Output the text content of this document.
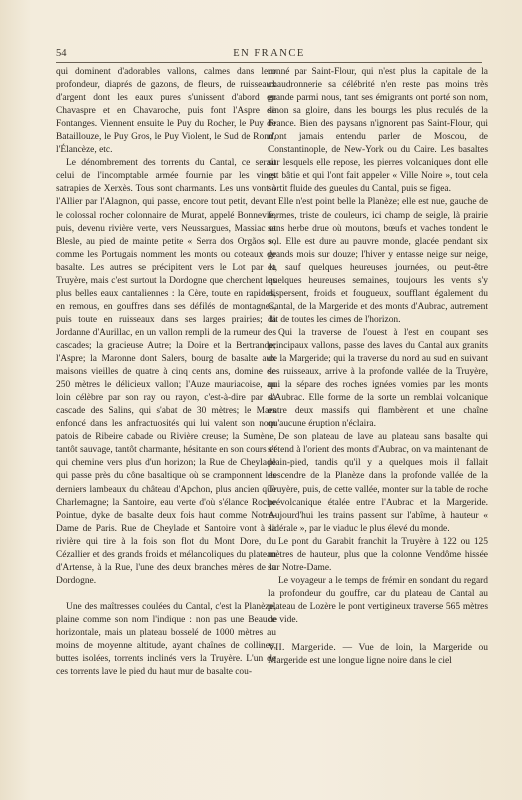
54	EN FRANCE

qui dominent d'adorables vallons, calmes dans leur profondeur, diaprés de gazons, de fleurs, de ruisseaux d'argent dont les eaux pures s'unissent d'abord en Chavaspre et en Chavaroche, puis font l'Aspre de Fontanges. Viennent ensuite le Puy du Rocher, le Puy de Bataillouze, le Puy Gros, le Puy Violent, le Sud de Rond, l'Élancèze, etc.

Le dénombrement des torrents du Cantal, ce serait celui de l'incomptable armée fournie par les vingt satrapies de Xerxès. Tous sont charmants. Les uns vont à l'Allier par l'Alagnon, qui passe, encore tout petit, devant le colossal rocher colonnaire de Murat, appelé Bonnevie, puis, devenu rivière verte, vers Neussargues, Massiac et Blesle, au pied de mainte petite « Serra dos Orgãos », comme les Portugais nomment les monts ou coteaux de basalte. Les autres se précipitent vers le Lot par la Truyère, mais c'est surtout la Dordogne que cherchent les plus belles eaux cantaliennes : la Cère, toute en rapides, en remous, en gouffres dans ses défilés de montagnes, puis toute en ruisseaux dans ses larges prairies; la Jordanne d'Aurillac, en un vallon rempli de la rumeur des cascades; la gracieuse Autre; la Doire et la Bertrande; l'Aspre; la Maronne dont Salers, bourg de basalte aux maisons vieilles de quatre à cinq cents ans, domine de 250 mètres le délicieux vallon; l'Auze mauriacoise, au loin célèbre par son ray ou rayon, c'est-à-dire par sa cascade des Salins, qui s'abat de 30 mètres; le Mars enfoncé dans les anfractuosités qui lui valent son nom patois de Ribeire cabade ou Rivière creuse; la Sumène, tantôt sauvage, tantôt charmante, hésitante en son cours et qui chemine vers plus d'un horizon; la Rue de Cheylade qui passe près du cône basaltique où se cramponnent les derniers lambeaux du château d'Apchon, plus ancien que Charlemagne; la Santoire, eau verte d'où s'élance Roche Pointue, dyke de basalte deux fois haut comme Notre-Dame de Paris. Rue de Cheylade et Santoire vont à la rivière qui tire à la fois son flot du Mont Dore, du Cézallier et des grands froids et mélancoliques du plateau d'Artense, à la Rue, l'une des deux branches mères de la Dordogne.

Une des maîtresses coulées du Cantal, c'est la Planèze, plaine comme son nom l'indique : non pas une Beauce horizontale, mais un plateau bosselé de 1000 mètres au moins de moyenne altitude, ayant chaînes de collines, buttes isolées, torrents inclinés vers la Truyère. L'un de ces torrents lave le pied du haut mur de basalte cou-

ronné par Saint-Flour, qui n'est plus la capitale de la chaudronnerie sa célébrité n'en reste pas moins très grande parmi nous, tant ses émigrants ont porté son nom, sinon sa gloire, dans les bourgs les plus reculés de la France. Bien des paysans n'ignorent pas Saint-Flour, qui n'ont jamais entendu parler de Moscou, de Constantinople, de New-York ou du Caire. Les basaltes sur lesquels elle repose, les pierres volcaniques dont elle est bâtie et qui l'ont fait appeler « Ville Noire », tout cela sortit fluide des gueules du Cantal, puis se figea.

Elle n'est point belle la Planèze; elle est nue, gauche de formes, triste de couleurs, ici champ de seigle, là prairie sans herbe drue où moutons, bœufs et vaches tondent le sol. Elle est dure au pauvre monde, glacée pendant six grands mois sur douze; l'hiver y entasse neige sur neige, et, sauf quelques heureuses journées, ou peut-être quelques heureuses semaines, toujours les vents s'y dispersent, froids et fougueux, soufflant également du Cantal, de la Margeride et des monts d'Aubrac, autrement dit de toutes les cimes de l'horizon.

Qui la traverse de l'ouest à l'est en coupant ses principaux vallons, passe des laves du Cantal aux granits de la Margeride; qui la traverse du nord au sud en suivant ses ruisseaux, arrive à la profonde vallée de la Truyère, qui la sépare des roches ignées vomies par les monts d'Aubrac. Elle forme de la sorte un remblai volcanique entre deux massifs qui flambèrent et une chaîne qu'aucune éruption n'éclaira.

De son plateau de lave au plateau sans basalte qui s'étend à l'orient des monts d'Aubrac, on va maintenant de plain-pied, tandis qu'il y a quelques mois il fallait descendre de la Planèze dans la profonde vallée de la Truyère, puis, de cette vallée, monter sur la table de roche prévolcanique étalée entre l'Aubrac et la Margeride. Aujourd'hui les trains passent sur l'abîme, à hauteur « sidérale », par le viaduc le plus élevé du monde.

Le pont du Garabit franchit la Truyère à 122 ou 125 mètres de hauteur, plus que la colonne Vendôme hissée sur Notre-Dame.

Le voyageur a le temps de frémir en sondant du regard la profondeur du gouffre, car du plateau de Cantal au plateau de Lozère le pont vertigineux traverse 565 mètres de vide.

VII. Margeride. — Vue de loin, la Margeride ou Margeride est une longue ligne noire dans le ciel
